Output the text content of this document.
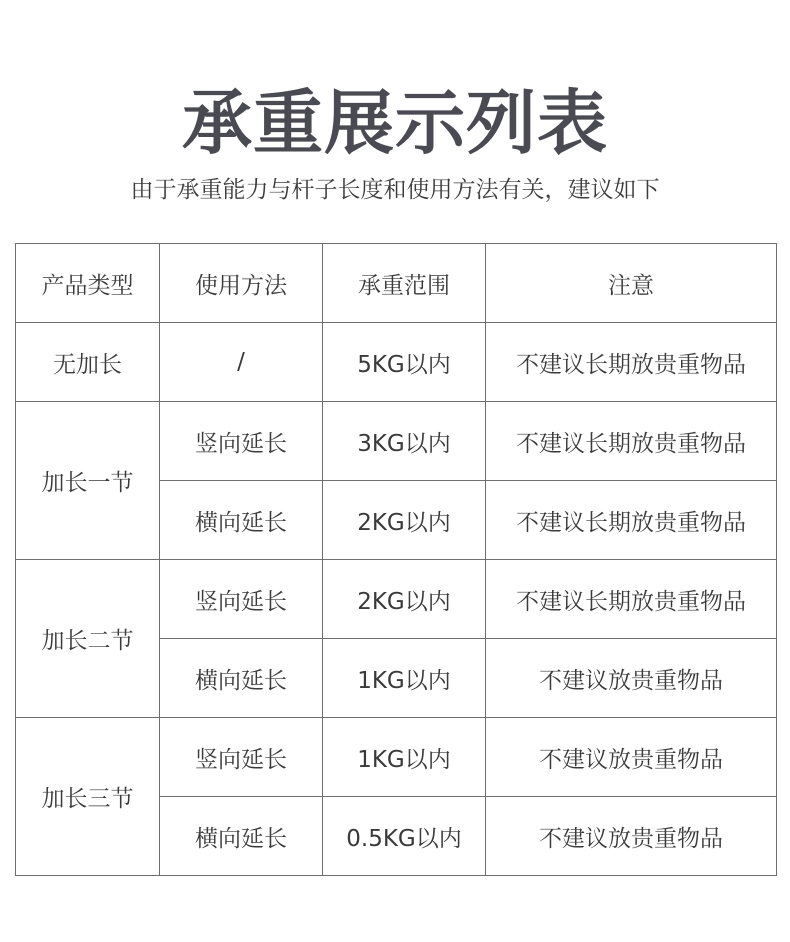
承重展示列表
由于承重能力与杆子长度和使用方法有关，建议如下
产品类型	使用方法	承重范围	注意
无加长	/	5KG以内	不建议长期放贵重物品
加长一节	竖向延长	3KG以内	不建议长期放贵重物品
	横向延长	2KG以内	不建议长期放贵重物品
加长二节	竖向延长	2KG以内	不建议长期放贵重物品
	横向延长	1KG以内	不建议放贵重物品
加长三节	竖向延长	1KG以内	不建议放贵重物品
	横向延长	0.5KG以内	不建议放贵重物品
